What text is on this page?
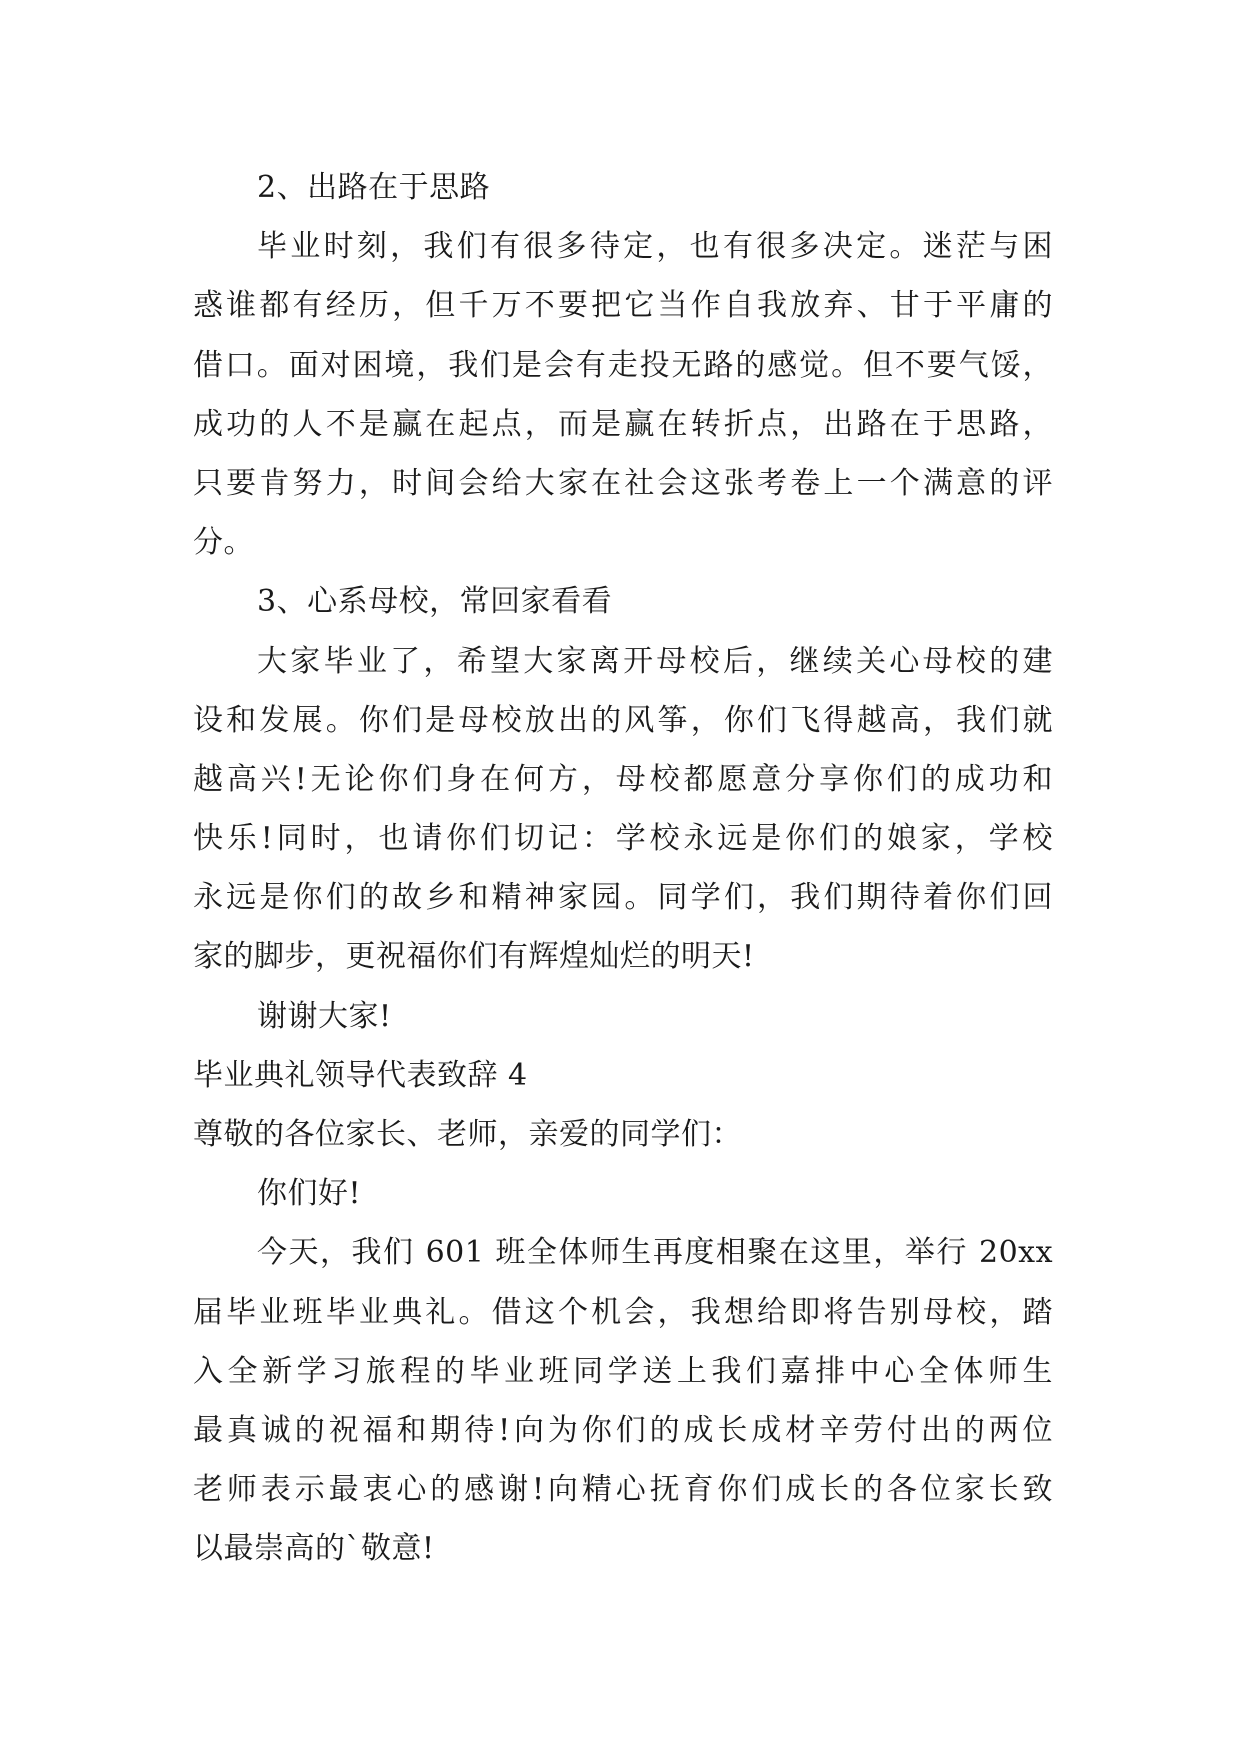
2、出路在于思路

毕业时刻，我们有很多待定，也有很多决定。迷茫与困

惑谁都有经历，但千万不要把它当作自我放弃、甘于平庸的

借口。面对困境，我们是会有走投无路的感觉。但不要气馁，

成功的人不是赢在起点，而是赢在转折点，出路在于思路，

只要肯努力，时间会给大家在社会这张考卷上一个满意的评

分。

3、心系母校，常回家看看

大家毕业了，希望大家离开母校后，继续关心母校的建

设和发展。你们是母校放出的风筝，你们飞得越高，我们就

越高兴!无论你们身在何方，母校都愿意分享你们的成功和

快乐!同时，也请你们切记：学校永远是你们的娘家，学校

永远是你们的故乡和精神家园。同学们，我们期待着你们回

家的脚步，更祝福你们有辉煌灿烂的明天!

谢谢大家!

毕业典礼领导代表致辞 4

尊敬的各位家长、老师，亲爱的同学们：

你们好!

今天，我们 601 班全体师生再度相聚在这里，举行 20xx

届毕业班毕业典礼。借这个机会，我想给即将告别母校，踏

入全新学习旅程的毕业班同学送上我们嘉排中心全体师生

最真诚的祝福和期待!向为你们的成长成材辛劳付出的两位

老师表示最衷心的感谢!向精心抚育你们成长的各位家长致

以最崇高的`敬意!
